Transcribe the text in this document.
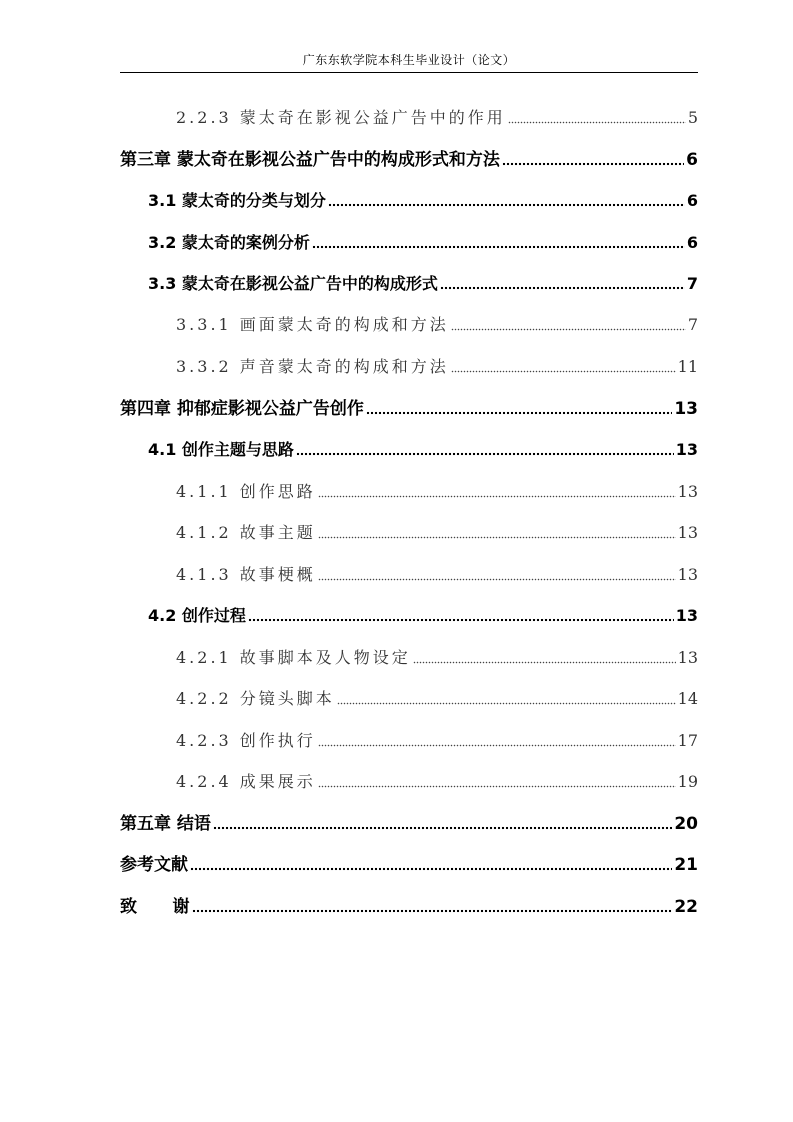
广东东软学院本科生毕业设计（论文）
2.2.3 蒙太奇在影视公益广告中的作用	5
第三章 蒙太奇在影视公益广告中的构成形式和方法	6
3.1 蒙太奇的分类与划分	6
3.2 蒙太奇的案例分析	6
3.3 蒙太奇在影视公益广告中的构成形式	7
3.3.1 画面蒙太奇的构成和方法	7
3.3.2 声音蒙太奇的构成和方法	11
第四章 抑郁症影视公益广告创作	13
4.1 创作主题与思路	13
4.1.1 创作思路	13
4.1.2 故事主题	13
4.1.3 故事梗概	13
4.2 创作过程	13
4.2.1 故事脚本及人物设定	13
4.2.2 分镜头脚本	14
4.2.3 创作执行	17
4.2.4 成果展示	19
第五章 结语	20
参考文献	21
致      谢	22
